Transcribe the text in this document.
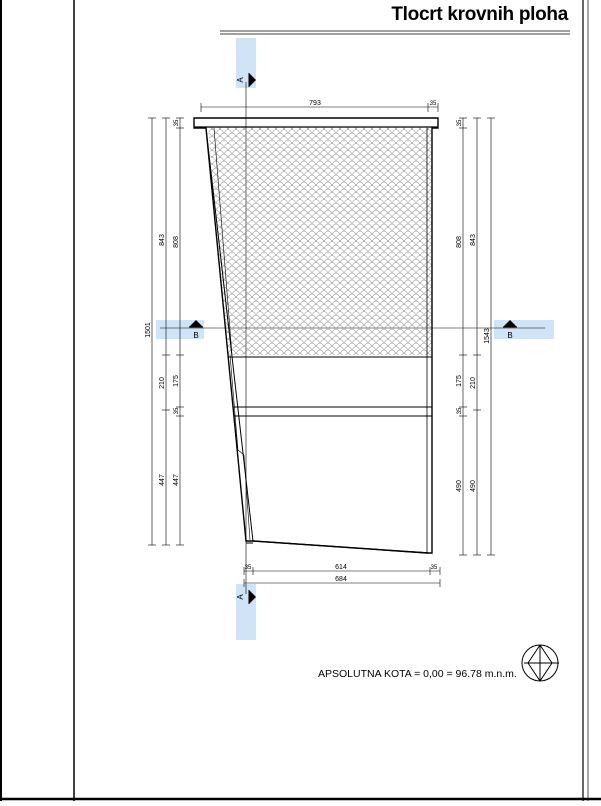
A
A
B	B
793	35
35	614	35
684
1501
843 808
35
210 175
35
447 447
35
808 843
1543
175 210
35
490 490
Tlocrt krovnih ploha
APSOLUTNA KOTA = 0,00 = 96.78 m.n.m.
